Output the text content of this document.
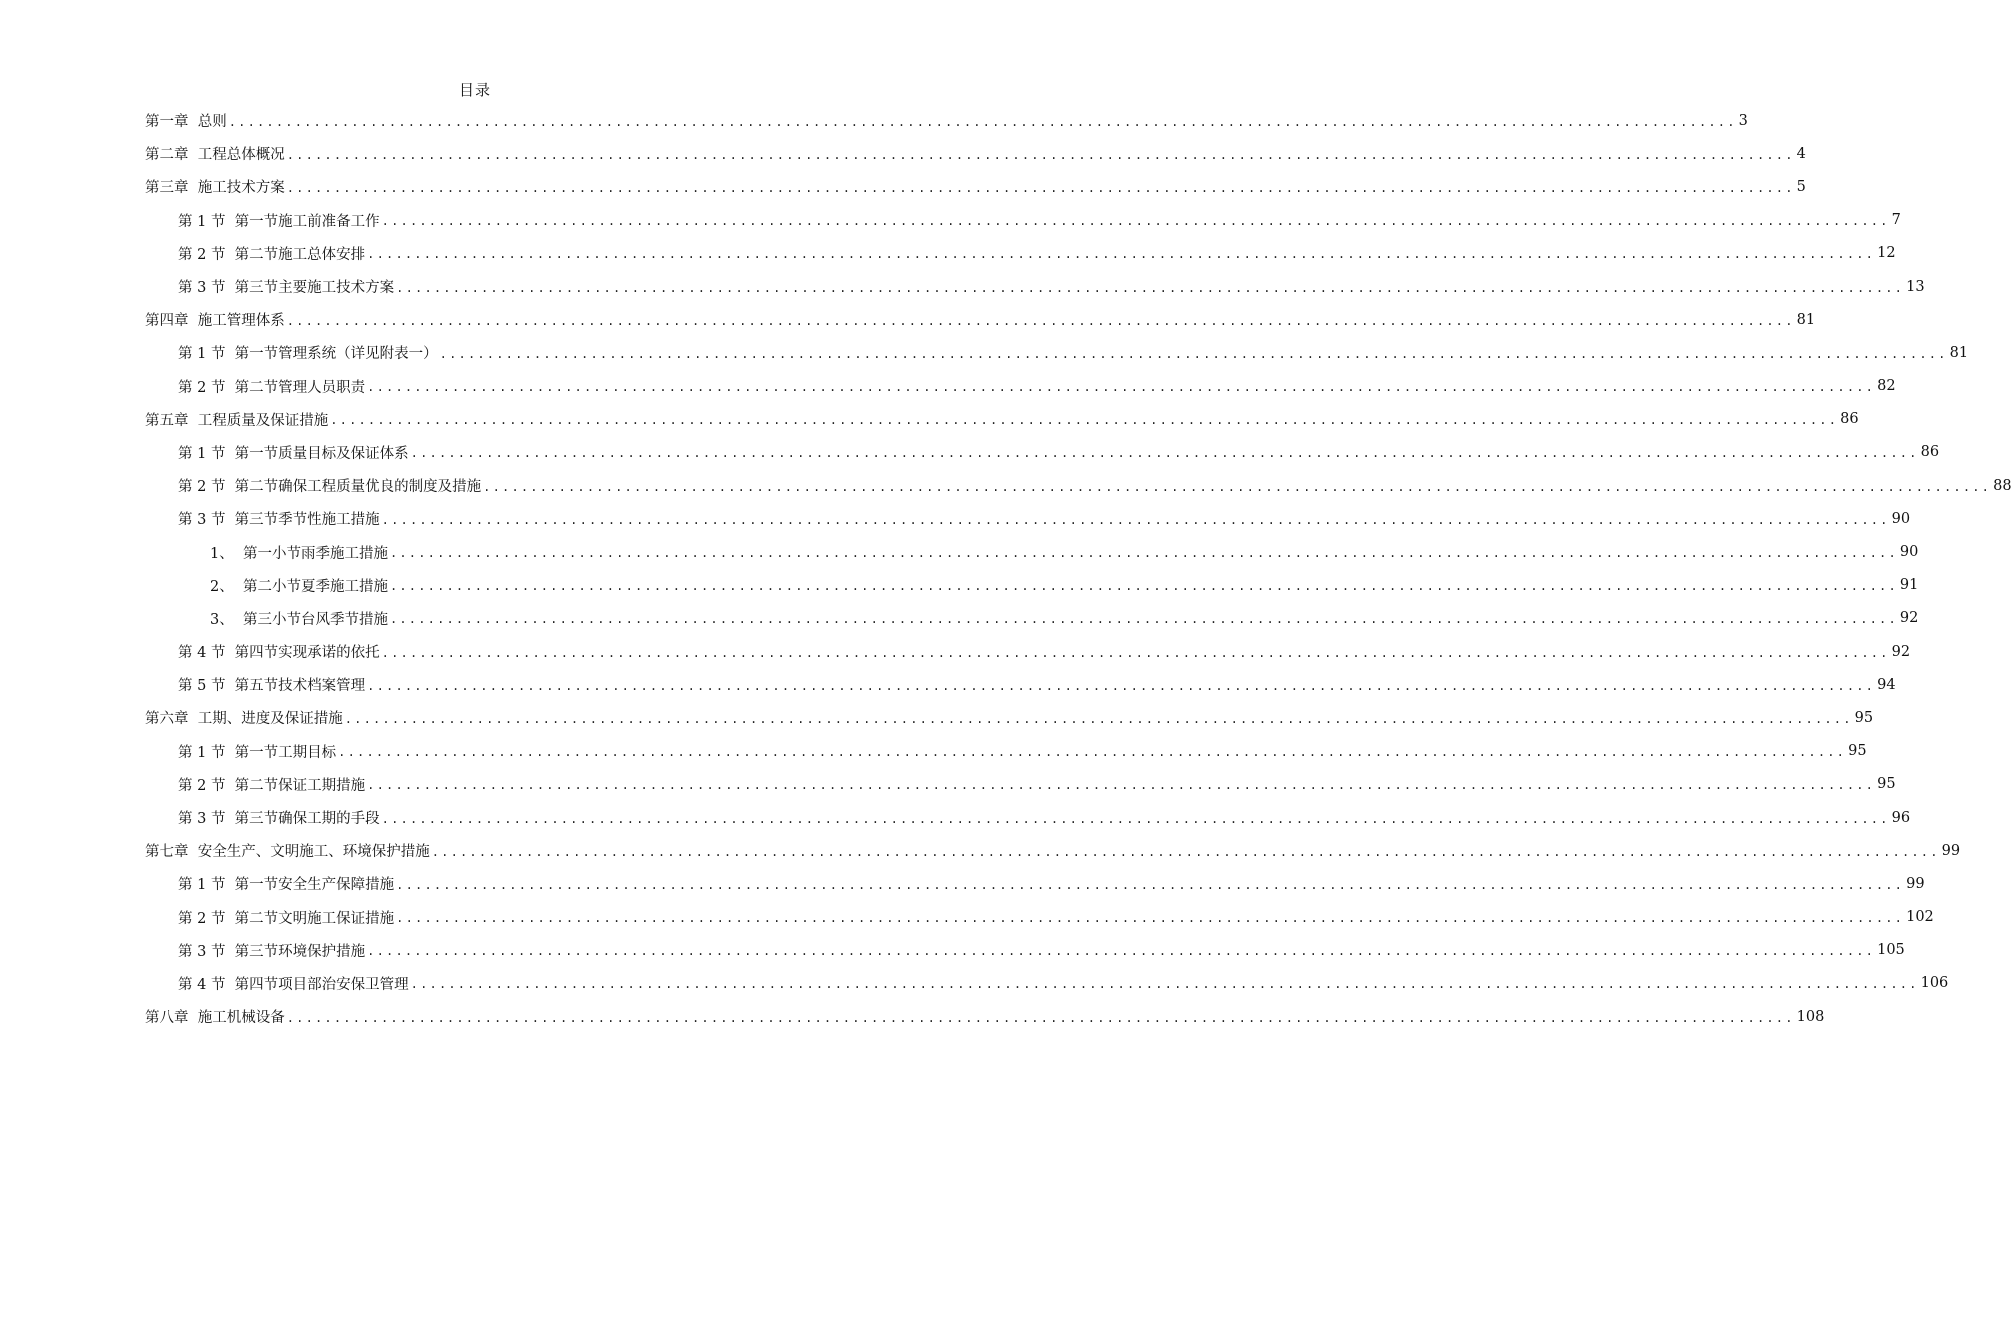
目录
第一章  总则 ................................................................................................................................................................ 3
第二章  工程总体概况 ................................................................................................................................................................ 4
第三章  施工技术方案 ................................................................................................................................................................ 5
第 1 节  第一节施工前准备工作 ................................................................................................................................................................ 7
第 2 节  第二节施工总体安排 ................................................................................................................................................................ 12
第 3 节  第三节主要施工技术方案 ................................................................................................................................................................ 13
第四章  施工管理体系 ................................................................................................................................................................ 81
第 1 节  第一节管理系统（详见附表一） ................................................................................................................................................................ 81
第 2 节  第二节管理人员职责 ................................................................................................................................................................ 82
第五章  工程质量及保证措施 ................................................................................................................................................................ 86
第 1 节  第一节质量目标及保证体系 ................................................................................................................................................................ 86
第 2 节  第二节确保工程质量优良的制度及措施 ................................................................................................................................................................ 88
第 3 节  第三节季节性施工措施 ................................................................................................................................................................ 90
1、  第一小节雨季施工措施 ................................................................................................................................................................ 90
2、  第二小节夏季施工措施 ................................................................................................................................................................ 91
3、  第三小节台风季节措施 ................................................................................................................................................................ 92
第 4 节  第四节实现承诺的依托 ................................................................................................................................................................ 92
第 5 节  第五节技术档案管理 ................................................................................................................................................................ 94
第六章  工期、进度及保证措施 ................................................................................................................................................................ 95
第 1 节  第一节工期目标 ................................................................................................................................................................ 95
第 2 节  第二节保证工期措施 ................................................................................................................................................................ 95
第 3 节  第三节确保工期的手段 ................................................................................................................................................................ 96
第七章  安全生产、文明施工、环境保护措施 ................................................................................................................................................................ 99
第 1 节  第一节安全生产保障措施 ................................................................................................................................................................ 99
第 2 节  第二节文明施工保证措施 ................................................................................................................................................................ 102
第 3 节  第三节环境保护措施 ................................................................................................................................................................ 105
第 4 节  第四节项目部治安保卫管理 ................................................................................................................................................................ 106
第八章  施工机械设备 ................................................................................................................................................................ 108
